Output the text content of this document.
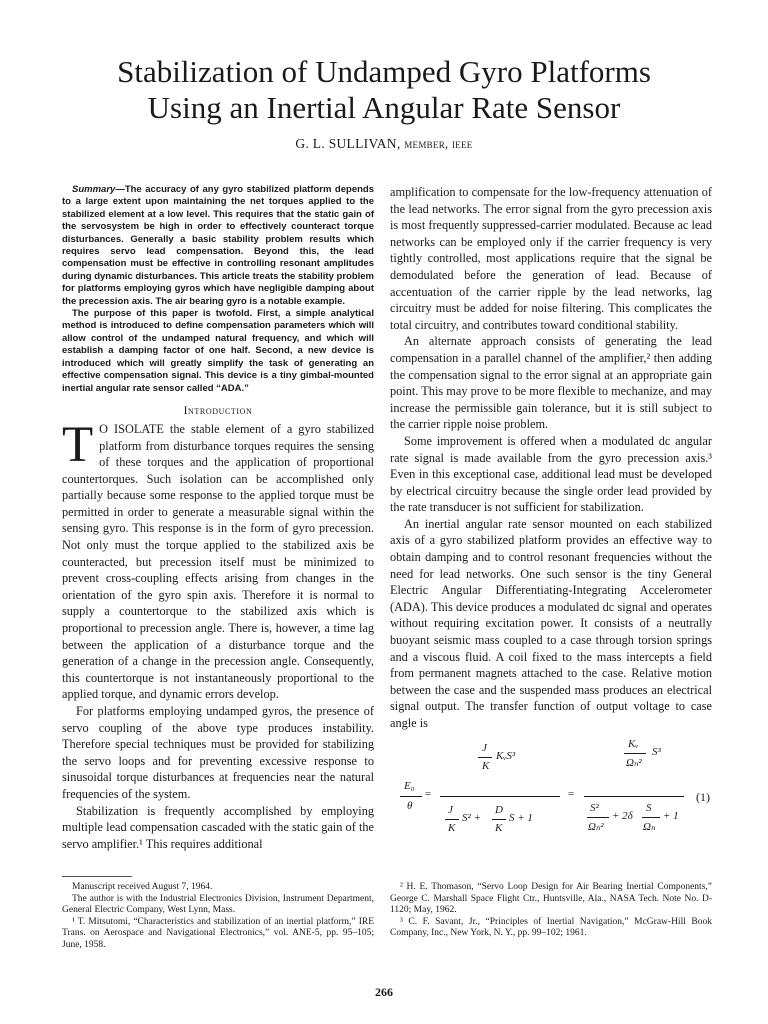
Stabilization of Undamped Gyro Platforms
Using an Inertial Angular Rate Sensor
G. L. SULLIVAN, member, ieee

Summary—The accuracy of any gyro stabilized platform depends to a large extent upon maintaining the net torques applied to the stabilized element at a low level. This requires that the static gain of the servosystem be high in order to effectively counteract torque disturbances. Generally a basic stability problem results which requires servo lead compensation. Beyond this, the lead compensation must be effective in controlling resonant amplitudes during dynamic disturbances. This article treats the stability problem for platforms employing gyros which have negligible damping about the precession axis. The air bearing gyro is a notable example.

The purpose of this paper is twofold. First, a simple analytical method is introduced to define compensation parameters which will allow control of the undamped natural frequency, and which will establish a damping factor of one half. Second, a new device is introduced which will greatly simplify the task of generating an effective compensation signal. This device is a tiny gimbal-mounted inertial angular rate sensor called “ADA.”

Introduction

T O ISOLATE the stable element of a gyro stabilized platform from disturbance torques requires the sensing of these torques and the application of proportional countertorques. Such isolation can be accomplished only partially because some response to the applied torque must be permitted in order to generate a measurable signal within the sensing gyro. This response is in the form of gyro precession. Not only must the torque applied to the stabilized axis be counteracted, but precession itself must be minimized to prevent cross-coupling effects arising from changes in the orientation of the gyro spin axis. Therefore it is normal to supply a countertorque to the stabilized axis which is proportional to precession angle. There is, however, a time lag between the application of a disturbance torque and the generation of a change in the precession angle. Consequently, this countertorque is not instantaneously proportional to the applied torque, and dynamic errors develop.

For platforms employing undamped gyros, the presence of servo coupling of the above type produces instability. Therefore special techniques must be provided for stabilizing the servo loops and for preventing excessive response to sinusoidal torque disturbances at frequencies near the natural frequencies of the system.

Stabilization is frequently accomplished by employing multiple lead compensation cascaded with the static gain of the servo amplifier.¹ This requires additional

amplification to compensate for the low-frequency attenuation of the lead networks. The error signal from the gyro precession axis is most frequently suppressed-carrier modulated. Because ac lead networks can be employed only if the carrier frequency is very tightly controlled, most applications require that the signal be demodulated before the generation of lead. Because of accentuation of the carrier ripple by the lead networks, lag circuitry must be added for noise filtering. This complicates the total circuitry, and contributes toward conditional stability.

An alternate approach consists of generating the lead compensation in a parallel channel of the amplifier,² then adding the compensation signal to the error signal at an appropriate gain point. This may prove to be more flexible to mechanize, and may increase the permissible gain tolerance, but it is still subject to the carrier ripple noise problem.

Some improvement is offered when a modulated dc angular rate signal is made available from the gyro precession axis.³ Even in this exceptional case, additional lead must be developed by electrical circuitry because the single order lead provided by the rate transducer is not sufficient for stabilization.

An inertial angular rate sensor mounted on each stabilized axis of a gyro stabilized platform provides an effective way to obtain damping and to control resonant frequencies without the need for lead networks. One such sensor is the tiny General Electric Angular Differentiating-Integrating Accelerometer (ADA). This device produces a modulated dc signal and operates without requiring excitation power. It consists of a neutrally buoyant seismic mass coupled to a case through torsion springs and a viscous fluid. A coil fixed to the mass intercepts a field from permanent magnets attached to the case. Relative motion between the case and the suspended mass produces an electrical signal output. The transfer function of output voltage to case angle is

E₀
θ
=
J
K
KᵥS³
J
K
S² +
D
K
S + 1
=
Kᵥ
Ωₙ²
S³
S²
Ωₙ²
+ 2δ
S
Ωₙ
+ 1
(1)

Manuscript received August 7, 1964.

The author is with the Industrial Electronics Division, Instrument Department, General Electric Company, West Lynn, Mass.

¹ T. Mitsutomi, “Characteristics and stabilization of an inertial platform,” IRE Trans. on Aerospace and Navigational Electronics,” vol. ANE-5, pp. 95–105; June, 1958.

² H. E. Thomason, “Servo Loop Design for Air Bearing Inertial Components,” George C. Marshall Space Flight Ctr., Huntsville, Ala., NASA Tech. Note No. D-1120; May, 1962.

³ C. F. Savant, Jr., “Principles of Inertial Navigation,” McGraw-Hill Book Company, Inc., New York, N. Y., pp. 99–102; 1961.

266
